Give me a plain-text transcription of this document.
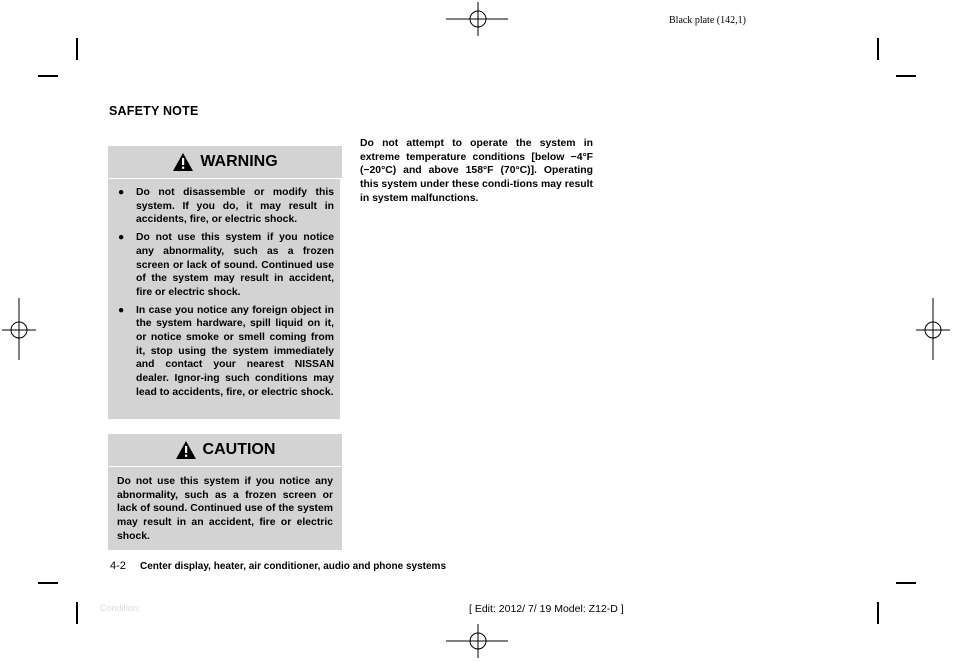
Black plate (142,1)
SAFETY NOTE
WARNING
● Do not disassemble or modify this system. If you do, it may result in accidents, fire, or electric shock.
● Do not use this system if you notice any abnormality, such as a frozen screen or lack of sound. Continued use of the system may result in accident, fire or electric shock.
● In case you notice any foreign object in the system hardware, spill liquid on it, or notice smoke or smell coming from it, stop using the system immediately and contact your nearest NISSAN dealer. Ignor-ing such conditions may lead to accidents, fire, or electric shock.
CAUTION
Do not use this system if you notice any abnormality, such as a frozen screen or lack of sound. Continued use of the system may result in an accident, fire or electric shock.
Do not attempt to operate the system in extreme temperature conditions [below −4°F (−20°C) and above 158°F (70°C)]. Operating this system under these condi-tions may result in system malfunctions.
4-2 Center display, heater, air conditioner, audio and phone systems
Condition:	[ Edit: 2012/ 7/ 19 Model: Z12-D ]
